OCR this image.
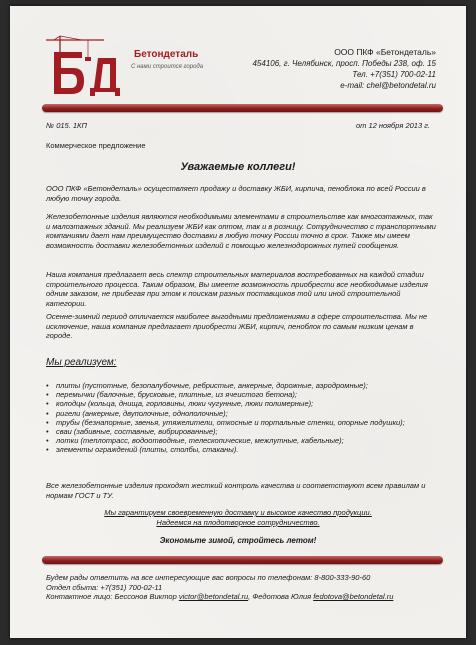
Бетондеталь
С нами строится города
ООО ПКФ «Бетондеталь»
454106, г. Челябинск, просп. Победы 238, оф. 15
Тел. +7(351) 700-02-11
e-mail: chel@betondetal.ru
№ 015. 1КП	от 12 ноября 2013 г.
Коммерческое предложение
Уважаемые коллеги!

ООО ПКФ «Бетондеталь» осуществляет продажу и доставку ЖБИ, кирпича, пеноблока по всей России в любую точку города.

Железобетонные изделия являются необходимыми элементами в строительстве как многоэтажных, так и малоэтажных зданий. Мы реализуем ЖБИ как оптом, так и в розницу. Сотрудничество с транспортными компаниями дает нам преимущество доставки в любую точку России точно в срок. Также мы имеем возможность доставки железобетонных изделий с помощью железнодорожных путей сообщения.

Наша компания предлагает весь спектр строительных материалов востребованных на каждой стадии строительного процесса. Таким образом, Вы имеете возможность приобрести все необходимые изделия одним заказом, не прибегая при этом к поискам разных поставщиков той или иной строительной категории.

Осенне-зимний период отличается наиболее выгодными предложениями в сфере строительства. Мы не исключение, наша компания предлагает приобрести ЖБИ, кирпич, пеноблок по самым низким ценам в городе.

Мы реализуем:
• плиты (пустотные, безопалубочные, ребристые, анкерные, дорожные, аэродромные);
• перемычки (балочные, брусковые, плитные, из ячеистого бетона);
• колодцы (кольца, днища, горловины, люки чугунные, люки полимерные);
• ригели (анкерные, двуполочные, однополочные);
• трубы (безнапорные, звенья, утяжелители, откосные и портальные стенки, опорные подушки);
• сваи (забивные, составные, вибрированные);
• лотки (теплотрасс, водоотводные, телескопические, межлутные, кабельные);
• элементы ограждений (плиты, столбы, стаканы).

Все железобетонные изделия проходят жесткий контроль качества и соответствуют всем правилам и нормам ГОСТ и ТУ.

Мы гарантируем своевременную доставку и высокое качество продукции.
Надеемся на плодотворное сотрудничество.
Экономьте зимой, стройтесь летом!
Будем рады ответить на все интересующие вас вопросы по телефонам: 8-800-333-90-60
Отдел сбыта: +7(351) 700-02-11
Контактное лицо: Бессонов Виктор victor@betondetal.ru, Федотова Юлия fedotova@betondetal.ru
